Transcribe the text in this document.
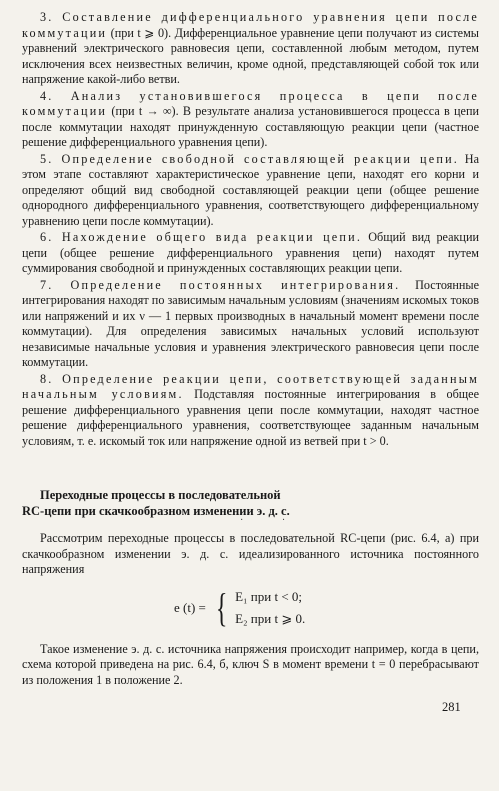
3. Составление дифференциального уравнения цепи после коммутации (при t ⩾ 0). Дифференциальное уравнение цепи получают из системы уравнений электрического равновесия цепи, составленной любым методом, путем исключения всех неизвестных величин, кроме одной, представляющей собой ток или напряжение какой-либо ветви.

4. Анализ установившегося процесса в цепи после коммутации (при t → ∞). В результате анализа установившегося процесса в цепи после коммутации находят принужденную составляющую реакции цепи (частное решение дифференциального уравнения цепи).

5. Определение свободной составляющей реакции цепи. На этом этапе составляют характеристическое уравнение цепи, находят его корни и определяют общий вид свободной составляющей реакции цепи (общее решение однородного дифференциального уравнения, соответствующего дифференциальному уравнению цепи после коммутации).

6. Нахождение общего вида реакции цепи. Общий вид реакции цепи (общее решение дифференциального уравнения цепи) находят путем суммирования свободной и принужденных составляющих реакции цепи.

7. Определение постоянных интегрирования. Постоянные интегрирования находят по зависимым начальным условиям (значениям искомых токов или напряжений и их ν — 1 первых производных в начальный момент времени после коммутации). Для определения зависимых начальных условий используют независимые начальные условия и уравнения электрического равновесия цепи после коммутации.

8. Определение реакции цепи, соответствующей заданным начальным условиям. Подставляя постоянные интегрирования в общее решение дифференциального уравнения цепи после коммутации, находят частное решение дифференциального уравнения, соответствующее заданным начальным условиям, т. е. искомый ток или напряжение одной из ветвей при t > 0.

· ·

Переходные процессы в последовательной
RC-цепи при скачкообразном изменении э. д. с.

Рассмотрим переходные процессы в последовательной RC-цепи (рис. 6.4, а) при скачкообразном изменении э. д. с. идеализированного источника постоянного напряжения

e (t) = { E₁ при t < 0;
E₂ при t ⩾ 0.

Такое изменение э. д. с. источника напряжения происходит например, когда в цепи, схема которой приведена на рис. 6.4, б, ключ S в момент времени t = 0 перебрасывают из положения 1 в положение 2.

281
